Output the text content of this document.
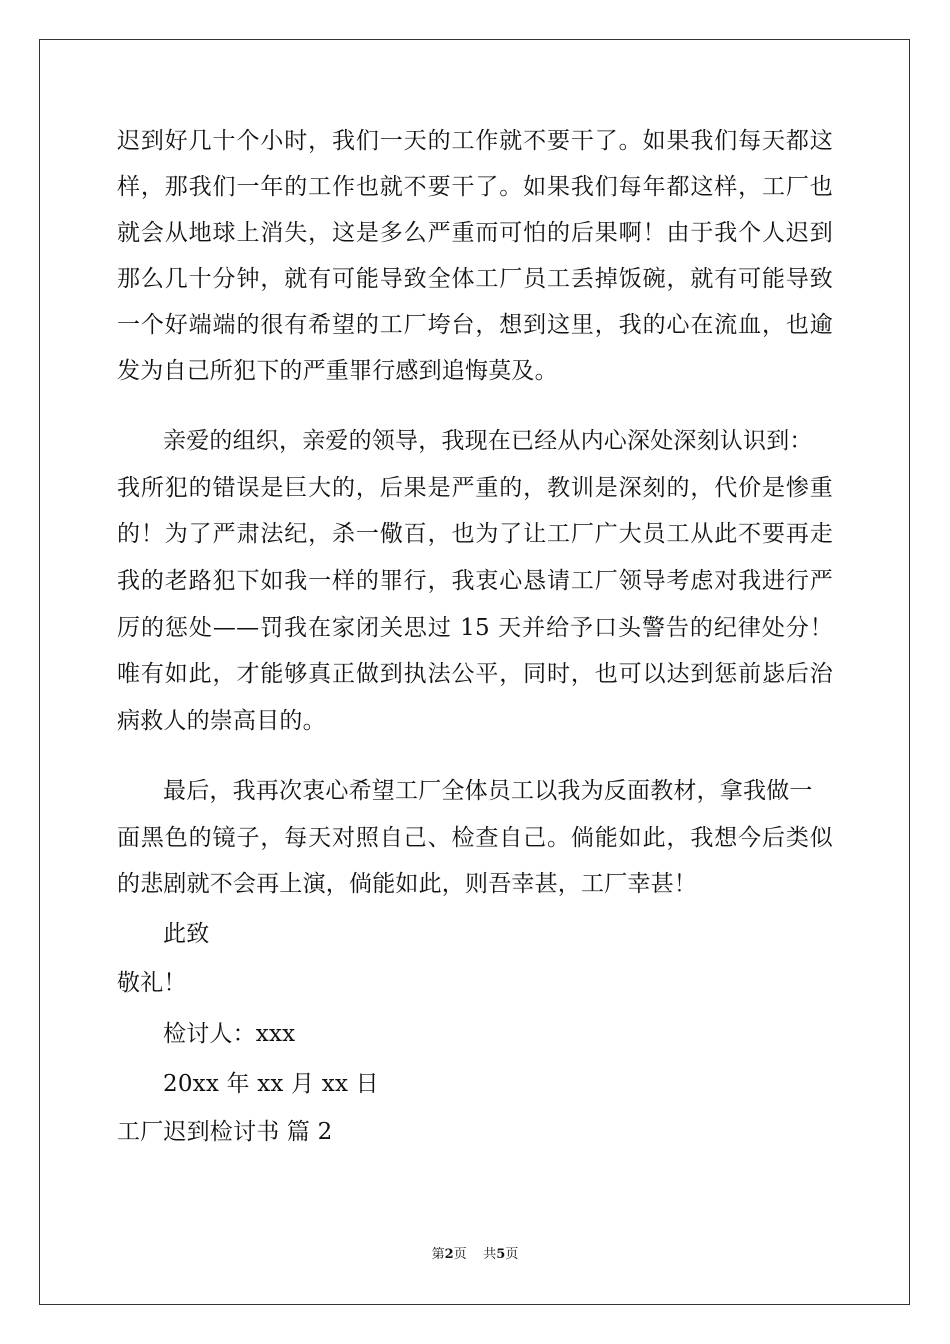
迟到好几十个小时，我们一天的工作就不要干了。如果我们每天都这
样，那我们一年的工作也就不要干了。如果我们每年都这样，工厂也
就会从地球上消失，这是多么严重而可怕的后果啊！由于我个人迟到
那么几十分钟，就有可能导致全体工厂员工丢掉饭碗，就有可能导致
一个好端端的很有希望的工厂垮台，想到这里，我的心在流血，也逾
发为自己所犯下的严重罪行感到追悔莫及。
亲爱的组织，亲爱的领导，我现在已经从内心深处深刻认识到：
我所犯的错误是巨大的，后果是严重的，教训是深刻的，代价是惨重
的！为了严肃法纪，杀一儆百，也为了让工厂广大员工从此不要再走
我的老路犯下如我一样的罪行，我衷心恳请工厂领导考虑对我进行严
厉的惩处——罚我在家闭关思过 15 天并给予口头警告的纪律处分！
唯有如此，才能够真正做到执法公平，同时，也可以达到惩前毖后治
病救人的崇高目的。
最后，我再次衷心希望工厂全体员工以我为反面教材，拿我做一
面黑色的镜子，每天对照自己、检查自己。倘能如此，我想今后类似
的悲剧就不会再上演，倘能如此，则吾幸甚，工厂幸甚！
此致
敬礼！
检讨人：xxx
20xx 年 xx 月 xx 日
工厂迟到检讨书 篇 2
第2页 共5页
